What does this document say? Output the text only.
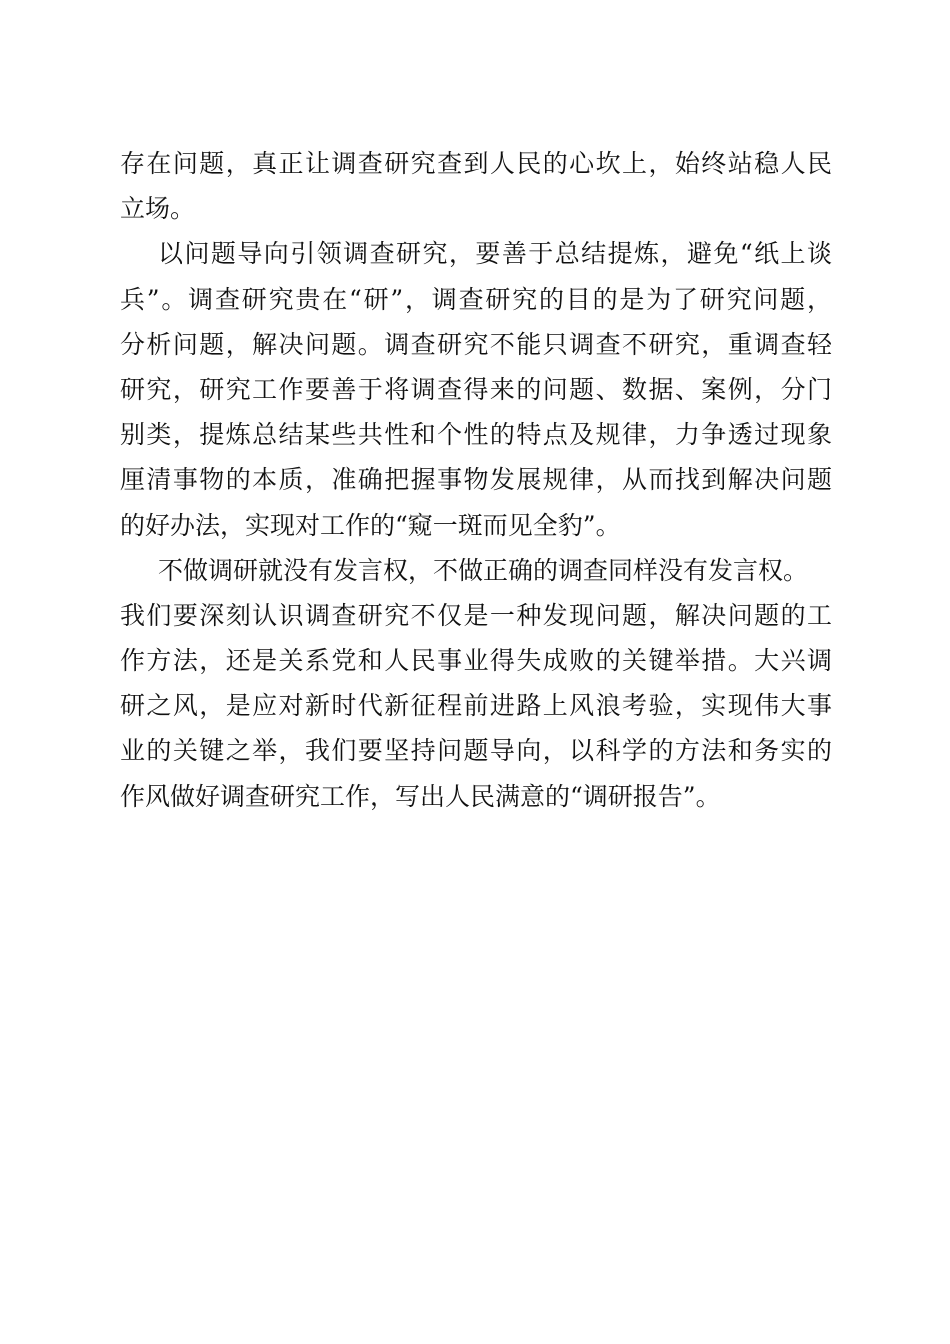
存在问题，真正让调查研究查到人民的心坎上，始终站稳人民
立场。
以问题导向引领调查研究，要善于总结提炼，避免“纸上谈
兵”。调查研究贵在“研”，调查研究的目的是为了研究问题，
分析问题，解决问题。调查研究不能只调查不研究，重调查轻
研究，研究工作要善于将调查得来的问题、数据、案例，分门
别类，提炼总结某些共性和个性的特点及规律，力争透过现象
厘清事物的本质，准确把握事物发展规律，从而找到解决问题
的好办法，实现对工作的“窥一斑而见全豹”。
不做调研就没有发言权，不做正确的调查同样没有发言权。
我们要深刻认识调查研究不仅是一种发现问题，解决问题的工
作方法，还是关系党和人民事业得失成败的关键举措。大兴调
研之风，是应对新时代新征程前进路上风浪考验，实现伟大事
业的关键之举，我们要坚持问题导向，以科学的方法和务实的
作风做好调查研究工作，写出人民满意的“调研报告”。
